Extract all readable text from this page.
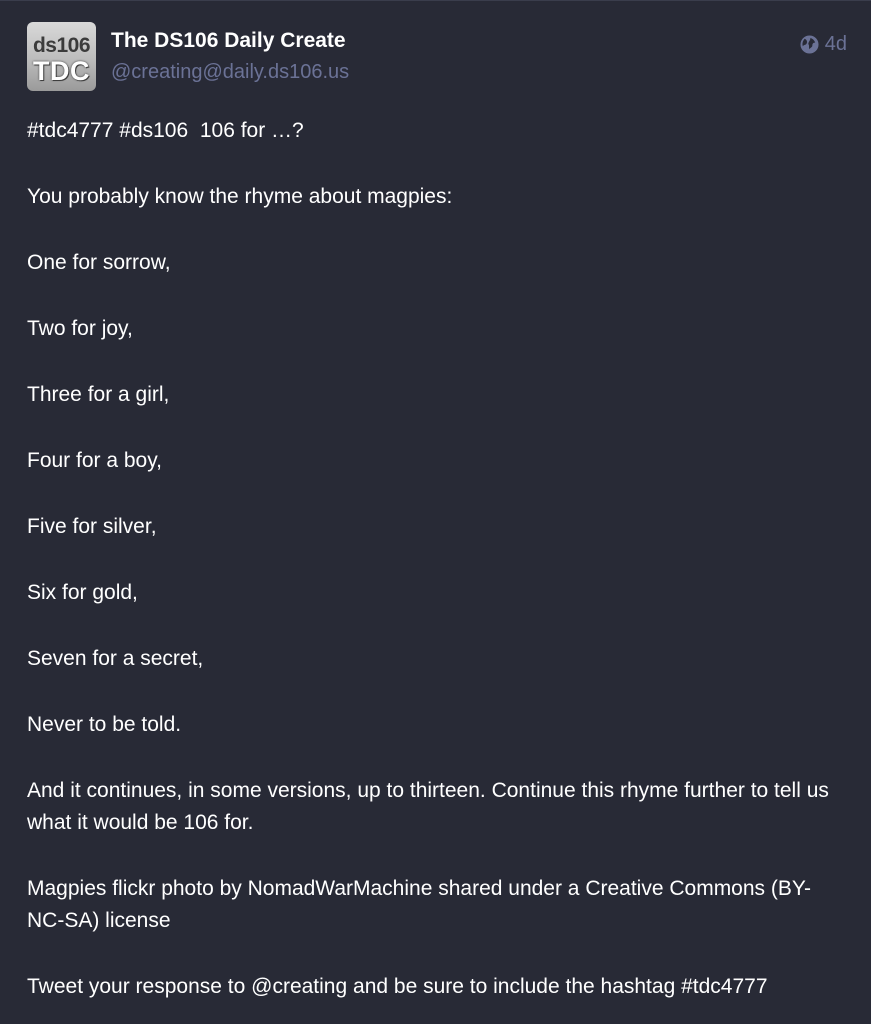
ds106
TDC
The DS106 Daily Create
@creating@daily.ds106.us
4d

#tdc4777 #ds106 106 for …?

You probably know the rhyme about magpies:

One for sorrow,

Two for joy,

Three for a girl,

Four for a boy,

Five for silver,

Six for gold,

Seven for a secret,

Never to be told.

And it continues, in some versions, up to thirteen. Continue this rhyme further to tell us what it would be 106 for.

Magpies flickr photo by NomadWarMachine shared under a Creative Commons (BY-NC-SA) license

Tweet your response to @creating and be sure to include the hashtag #tdc4777
